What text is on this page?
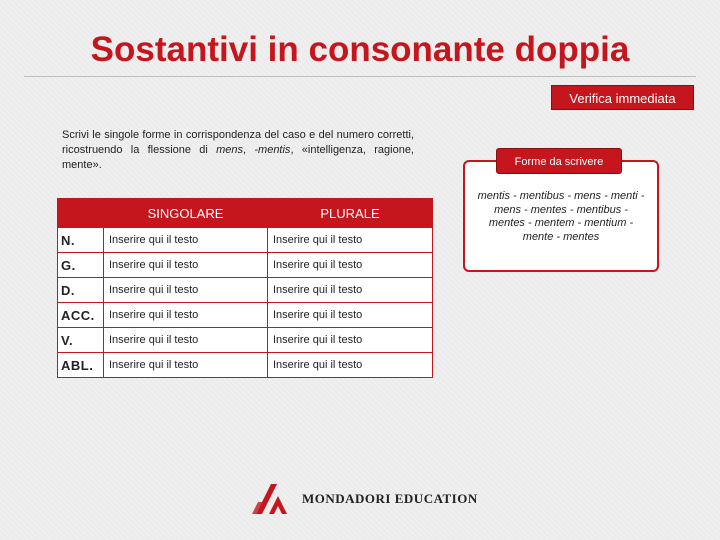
Sostantivi in consonante doppia
Verifica immediata
Scrivi le singole forme in corrispondenza del caso e del numero corretti, ricostruendo la flessione di mens, -mentis, «intelligenza, ragione, mente».
mentis - mentibus - mens - menti - mens - mentes - mentibus - mentes - mentem - mentium - mente - mentes
Forme da scrivere
	SINGOLARE	PLURALE
N.	Inserire qui il testo	Inserire qui il testo
G.	Inserire qui il testo	Inserire qui il testo
D.	Inserire qui il testo	Inserire qui il testo
ACC.	Inserire qui il testo	Inserire qui il testo
V.	Inserire qui il testo	Inserire qui il testo
ABL.	Inserire qui il testo	Inserire qui il testo
MONDADORI EDUCATION
